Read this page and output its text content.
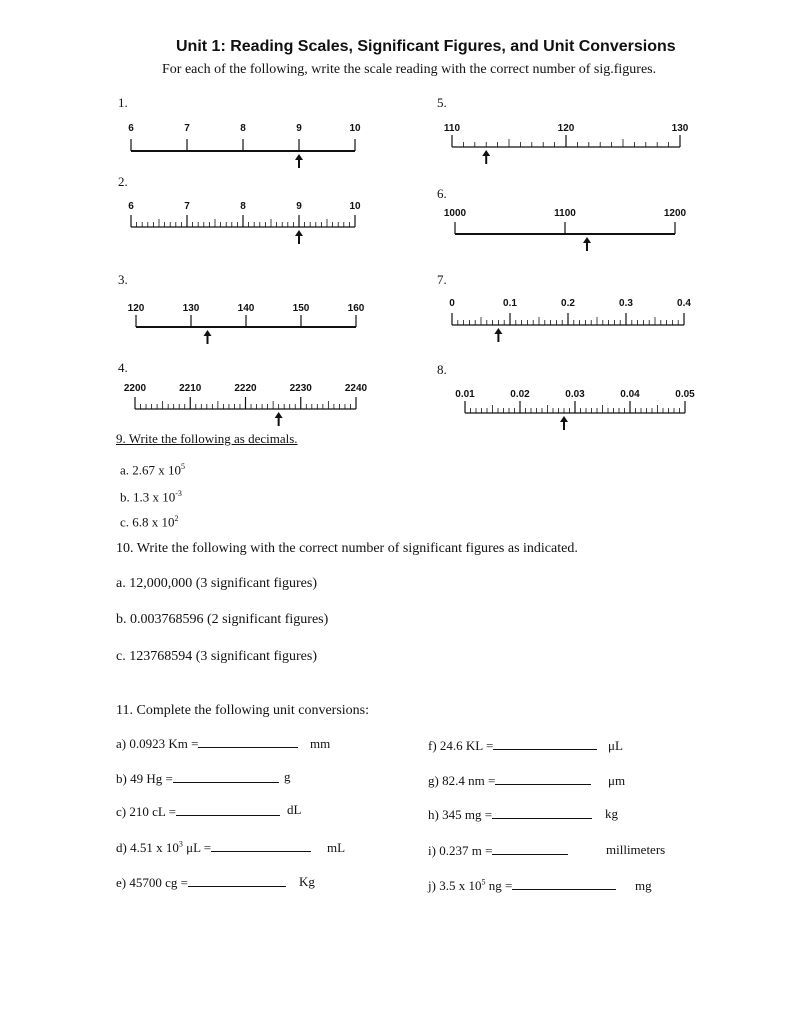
Unit 1: Reading Scales, Significant Figures, and Unit Conversions
For each of the following, write the scale reading with the correct number of sig.figures.
1.
2.
3.
4.
5.
6.
7.
8.
6	7	8	9	10
6	7	8	9	10
120	130	140	150	160
2200	2210	2220	2230	2240
110	120	130
1000	1100	1200
0	0.1	0.2	0.3	0.4
0.01	0.02	0.03	0.04	0.05
9. Write the following as decimals.
a. 2.67 x $10^5$
b. 1.3 x $10^{-3}$
c. 6.8 x $10^2$
10. Write the following with the correct number of significant figures as indicated.
a. 12,000,000 (3 significant figures)
b. 0.003768596 (2 significant figures)
c. 123768594 (3 significant figures)
11. Complete the following unit conversions:
a) 0.0923 Km =	mm
b) 49 Hg =	g
c) 210 cL =	dL
d) 4.51 x $10^3$ μL =	mL
e) 45700 cg =	Kg
f) 24.6 KL =	μL
g) 82.4 nm =	μm
h) 345 mg =	kg
i) 0.237 m =	millimeters
j) 3.5 x $10^5$ ng =	mg
